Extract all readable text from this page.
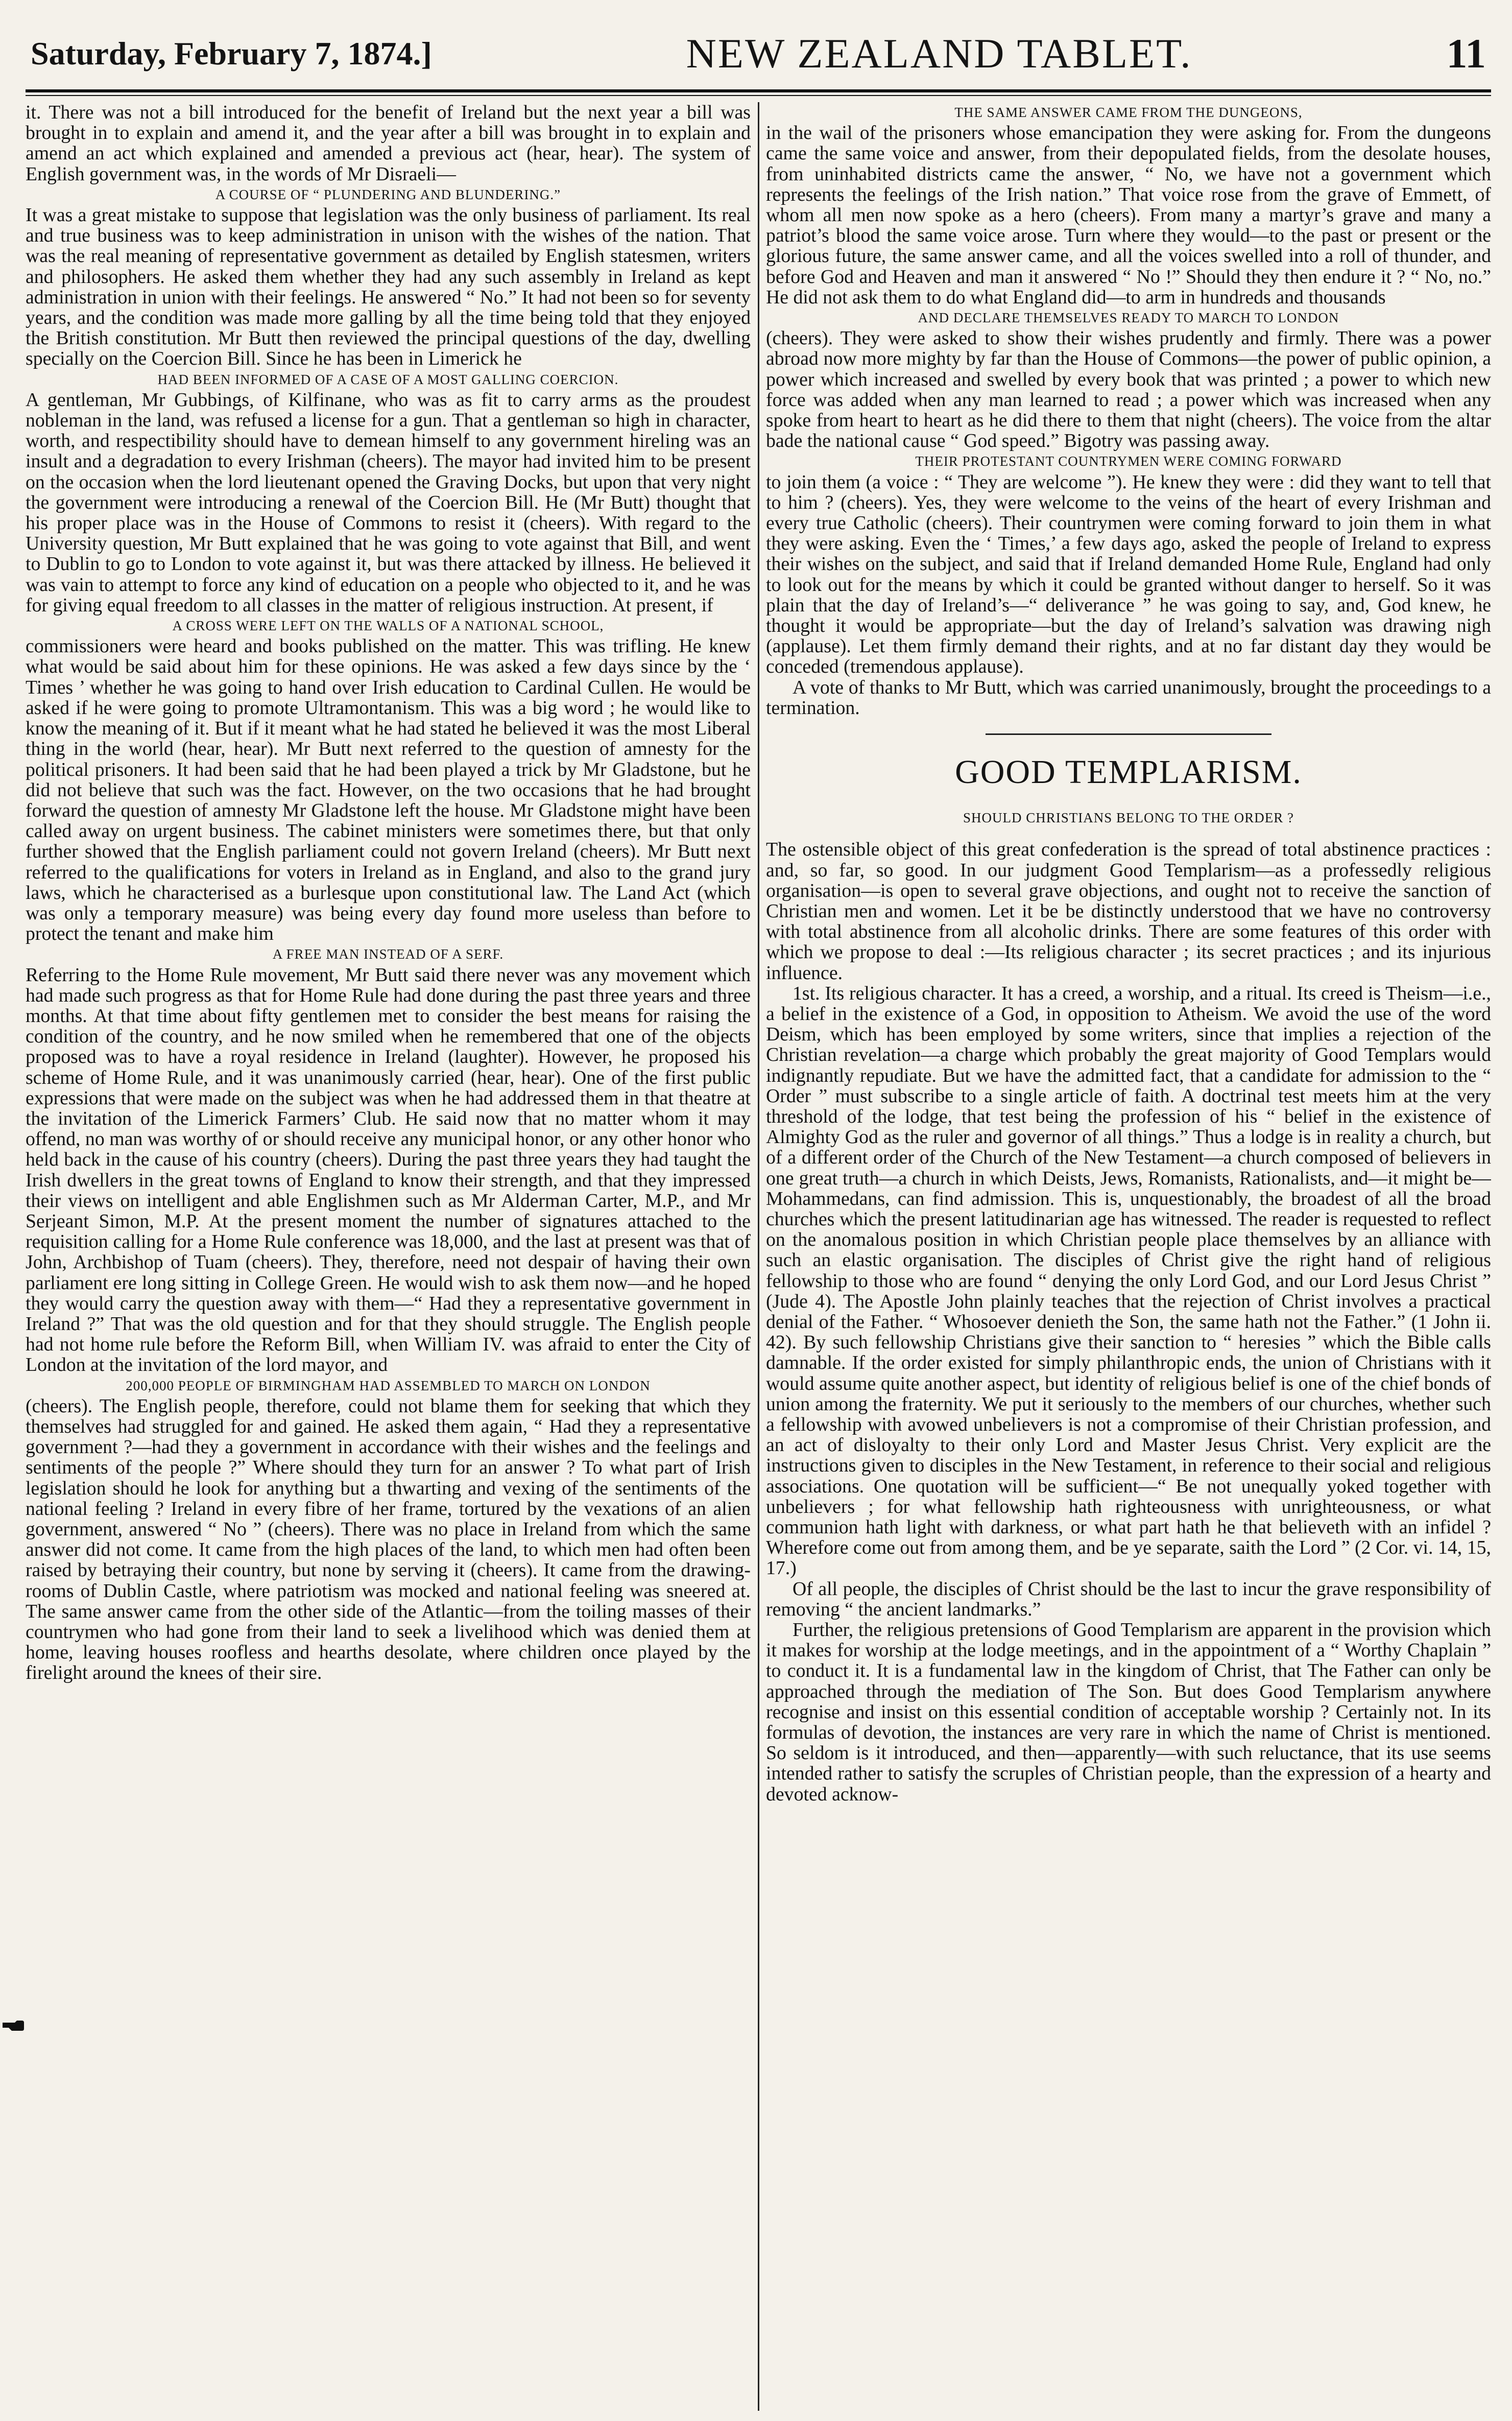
Saturday, February 7, 1874.]	NEW ZEALAND TABLET.	11

it. There was not a bill introduced for the benefit of Ireland but the next year a bill was brought in to explain and amend it, and the year after a bill was brought in to explain and amend an act which explained and amended a previous act (hear, hear). The system of English government was, in the words of Mr Disraeli—

A COURSE OF “ PLUNDERING AND BLUNDERING.”

It was a great mistake to suppose that legislation was the only business of parliament. Its real and true business was to keep administration in unison with the wishes of the nation. That was the real meaning of representative government as detailed by English statesmen, writers and philosophers. He asked them whether they had any such assembly in Ireland as kept administration in union with their feelings. He answered “ No.” It had not been so for seventy years, and the condition was made more galling by all the time being told that they enjoyed the British constitution. Mr Butt then reviewed the principal questions of the day, dwelling specially on the Coercion Bill. Since he has been in Limerick he

HAD BEEN INFORMED OF A CASE OF A MOST GALLING COERCION.

A gentleman, Mr Gubbings, of Kilfinane, who was as fit to carry arms as the proudest nobleman in the land, was refused a license for a gun. That a gentleman so high in character, worth, and respectibility should have to demean himself to any government hireling was an insult and a degradation to every Irishman (cheers). The mayor had invited him to be present on the occasion when the lord lieutenant opened the Graving Docks, but upon that very night the government were introducing a renewal of the Coercion Bill. He (Mr Butt) thought that his proper place was in the House of Commons to resist it (cheers). With regard to the University question, Mr Butt explained that he was going to vote against that Bill, and went to Dublin to go to London to vote against it, but was there attacked by illness. He believed it was vain to attempt to force any kind of education on a people who objected to it, and he was for giving equal freedom to all classes in the matter of religious instruction. At present, if

A CROSS WERE LEFT ON THE WALLS OF A NATIONAL SCHOOL,

commissioners were heard and books published on the matter. This was trifling. He knew what would be said about him for these opinions. He was asked a few days since by the ‘ Times ’ whether he was going to hand over Irish education to Cardinal Cullen. He would be asked if he were going to promote Ultramontanism. This was a big word ; he would like to know the meaning of it. But if it meant what he had stated he believed it was the most Liberal thing in the world (hear, hear). Mr Butt next referred to the question of amnesty for the political prisoners. It had been said that he had been played a trick by Mr Gladstone, but he did not believe that such was the fact. However, on the two occasions that he had brought forward the question of amnesty Mr Gladstone left the house. Mr Gladstone might have been called away on urgent business. The cabinet ministers were sometimes there, but that only further showed that the English parliament could not govern Ireland (cheers). Mr Butt next referred to the qualifications for voters in Ireland as in England, and also to the grand jury laws, which he characterised as a burlesque upon constitutional law. The Land Act (which was only a temporary measure) was being every day found more useless than before to protect the tenant and make him

A FREE MAN INSTEAD OF A SERF.

Referring to the Home Rule movement, Mr Butt said there never was any movement which had made such progress as that for Home Rule had done during the past three years and three months. At that time about fifty gentlemen met to consider the best means for raising the condition of the country, and he now smiled when he remembered that one of the objects proposed was to have a royal residence in Ireland (laughter). However, he proposed his scheme of Home Rule, and it was unanimously carried (hear, hear). One of the first public expressions that were made on the subject was when he had addressed them in that theatre at the invitation of the Limerick Farmers’ Club. He said now that no matter whom it may offend, no man was worthy of or should receive any municipal honor, or any other honor who held back in the cause of his country (cheers). During the past three years they had taught the Irish dwellers in the great towns of England to know their strength, and that they impressed their views on intelligent and able Englishmen such as Mr Alderman Carter, M.P., and Mr Serjeant Simon, M.P. At the present moment the number of signatures attached to the requisition calling for a Home Rule conference was 18,000, and the last at present was that of John, Archbishop of Tuam (cheers). They, therefore, need not despair of having their own parliament ere long sitting in College Green. He would wish to ask them now—and he hoped they would carry the question away with them—“ Had they a representative government in Ireland ?” That was the old question and for that they should struggle. The English people had not home rule before the Reform Bill, when William IV. was afraid to enter the City of London at the invitation of the lord mayor, and

200,000 PEOPLE OF BIRMINGHAM HAD ASSEMBLED TO MARCH ON LONDON

(cheers). The English people, therefore, could not blame them for seeking that which they themselves had struggled for and gained. He asked them again, “ Had they a representative government ?—had they a government in accordance with their wishes and the feelings and sentiments of the people ?” Where should they turn for an answer ? To what part of Irish legislation should he look for anything but a thwarting and vexing of the sentiments of the national feeling ? Ireland in every fibre of her frame, tortured by the vexations of an alien government, answered “ No ” (cheers). There was no place in Ireland from which the same answer did not come. It came from the high places of the land, to which men had often been raised by betraying their country, but none by serving it (cheers). It came from the drawing-rooms of Dublin Castle, where patriotism was mocked and national feeling was sneered at. The same answer came from the other side of the Atlantic—from the toiling masses of their countrymen who had gone from their land to seek a livelihood which was denied them at home, leaving houses roofless and hearths desolate, where children once played by the firelight around the knees of their sire.

THE SAME ANSWER CAME FROM THE DUNGEONS,

in the wail of the prisoners whose emancipation they were asking for. From the dungeons came the same voice and answer, from their depopulated fields, from the desolate houses, from uninhabited districts came the answer, “ No, we have not a government which represents the feelings of the Irish nation.” That voice rose from the grave of Emmett, of whom all men now spoke as a hero (cheers). From many a martyr’s grave and many a patriot’s blood the same voice arose. Turn where they would—to the past or present or the glorious future, the same answer came, and all the voices swelled into a roll of thunder, and before God and Heaven and man it answered “ No !” Should they then endure it ? “ No, no.” He did not ask them to do what England did—to arm in hundreds and thousands

AND DECLARE THEMSELVES READY TO MARCH TO LONDON

(cheers). They were asked to show their wishes prudently and firmly. There was a power abroad now more mighty by far than the House of Commons—the power of public opinion, a power which increased and swelled by every book that was printed ; a power to which new force was added when any man learned to read ; a power which was increased when any spoke from heart to heart as he did there to them that night (cheers). The voice from the altar bade the national cause “ God speed.” Bigotry was passing away.

THEIR PROTESTANT COUNTRYMEN WERE COMING FORWARD

to join them (a voice : “ They are welcome ”). He knew they were : did they want to tell that to him ? (cheers). Yes, they were welcome to the veins of the heart of every Irishman and every true Catholic (cheers). Their countrymen were coming forward to join them in what they were asking. Even the ‘ Times,’ a few days ago, asked the people of Ireland to express their wishes on the subject, and said that if Ireland demanded Home Rule, England had only to look out for the means by which it could be granted without danger to herself. So it was plain that the day of Ireland’s—“ deliverance ” he was going to say, and, God knew, he thought it would be appropriate—but the day of Ireland’s salvation was drawing nigh (applause). Let them firmly demand their rights, and at no far distant day they would be conceded (tremendous applause).

A vote of thanks to Mr Butt, which was carried unanimously, brought the proceedings to a termination.

GOOD TEMPLARISM.
SHOULD CHRISTIANS BELONG TO THE ORDER ?

The ostensible object of this great confederation is the spread of total abstinence practices : and, so far, so good. In our judgment Good Templarism—as a professedly religious organisation—is open to several grave objections, and ought not to receive the sanction of Christian men and women. Let it be be distinctly understood that we have no controversy with total abstinence from all alcoholic drinks. There are some features of this order with which we propose to deal :—Its religious character ; its secret practices ; and its injurious influence.

1st. Its religious character. It has a creed, a worship, and a ritual. Its creed is Theism—i.e., a belief in the existence of a God, in opposition to Atheism. We avoid the use of the word Deism, which has been employed by some writers, since that implies a rejection of the Christian revelation—a charge which probably the great majority of Good Templars would indignantly repudiate. But we have the admitted fact, that a candidate for admission to the “ Order ” must subscribe to a single article of faith. A doctrinal test meets him at the very threshold of the lodge, that test being the profession of his “ belief in the existence of Almighty God as the ruler and governor of all things.” Thus a lodge is in reality a church, but of a different order of the Church of the New Testament—a church composed of believers in one great truth—a church in which Deists, Jews, Romanists, Rationalists, and—it might be—Mohammedans, can find admission. This is, unquestionably, the broadest of all the broad churches which the present latitudinarian age has witnessed. The reader is requested to reflect on the anomalous position in which Christian people place themselves by an alliance with such an elastic organisation. The disciples of Christ give the right hand of religious fellowship to those who are found “ denying the only Lord God, and our Lord Jesus Christ ” (Jude 4). The Apostle John plainly teaches that the rejection of Christ involves a practical denial of the Father. “ Whosoever denieth the Son, the same hath not the Father.” (1 John ii. 42). By such fellowship Christians give their sanction to “ heresies ” which the Bible calls damnable. If the order existed for simply philanthropic ends, the union of Christians with it would assume quite another aspect, but identity of religious belief is one of the chief bonds of union among the fraternity. We put it seriously to the members of our churches, whether such a fellowship with avowed unbelievers is not a compromise of their Christian profession, and an act of disloyalty to their only Lord and Master Jesus Christ. Very explicit are the instructions given to disciples in the New Testament, in reference to their social and religious associations. One quotation will be sufficient—“ Be not unequally yoked together with unbelievers ; for what fellowship hath righteousness with unrighteousness, or what communion hath light with darkness, or what part hath he that believeth with an infidel ? Wherefore come out from among them, and be ye separate, saith the Lord ” (2 Cor. vi. 14, 15, 17.)

Of all people, the disciples of Christ should be the last to incur the grave responsibility of removing “ the ancient landmarks.”

Further, the religious pretensions of Good Templarism are apparent in the provision which it makes for worship at the lodge meetings, and in the appointment of a “ Worthy Chaplain ” to conduct it. It is a fundamental law in the kingdom of Christ, that The Father can only be approached through the mediation of The Son. But does Good Templarism anywhere recognise and insist on this essential condition of acceptable worship ? Certainly not. In its formulas of devotion, the instances are very rare in which the name of Christ is mentioned. So seldom is it introduced, and then—apparently—with such reluctance, that its use seems intended rather to satisfy the scruples of Christian people, than the expression of a hearty and devoted acknow-
